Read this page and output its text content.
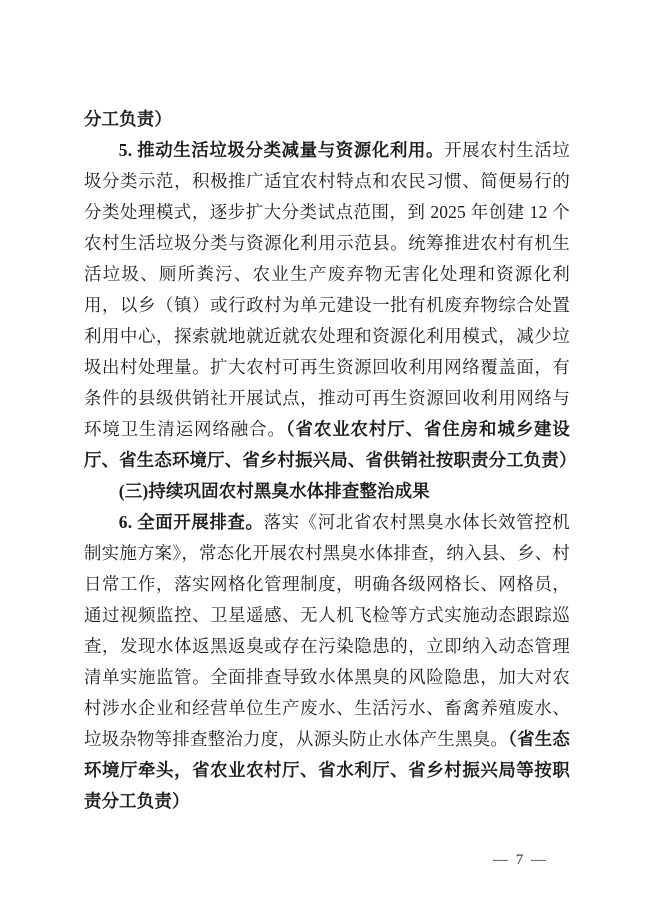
分工负责）

5. 推动生活垃圾分类减量与资源化利用。开展农村生活垃圾分类示范，积极推广适宜农村特点和农民习惯、简便易行的分类处理模式，逐步扩大分类试点范围，到 2025 年创建 12 个农村生活垃圾分类与资源化利用示范县。统筹推进农村有机生活垃圾、厕所粪污、农业生产废弃物无害化处理和资源化利用，以乡（镇）或行政村为单元建设一批有机废弃物综合处置利用中心，探索就地就近就农处理和资源化利用模式，减少垃圾出村处理量。扩大农村可再生资源回收利用网络覆盖面，有条件的县级供销社开展试点，推动可再生资源回收利用网络与环境卫生清运网络融合。（省农业农村厅、省住房和城乡建设厅、省生态环境厅、省乡村振兴局、省供销社按职责分工负责）

(三)持续巩固农村黑臭水体排查整治成果

6. 全面开展排查。落实《河北省农村黑臭水体长效管控机制实施方案》，常态化开展农村黑臭水体排查，纳入县、乡、村日常工作，落实网格化管理制度，明确各级网格长、网格员，通过视频监控、卫星遥感、无人机飞检等方式实施动态跟踪巡查，发现水体返黑返臭或存在污染隐患的，立即纳入动态管理清单实施监管。全面排查导致水体黑臭的风险隐患，加大对农村涉水企业和经营单位生产废水、生活污水、畜禽养殖废水、垃圾杂物等排查整治力度，从源头防止水体产生黑臭。（省生态环境厅牵头，省农业农村厅、省水利厅、省乡村振兴局等按职责分工负责）

— 7 —
